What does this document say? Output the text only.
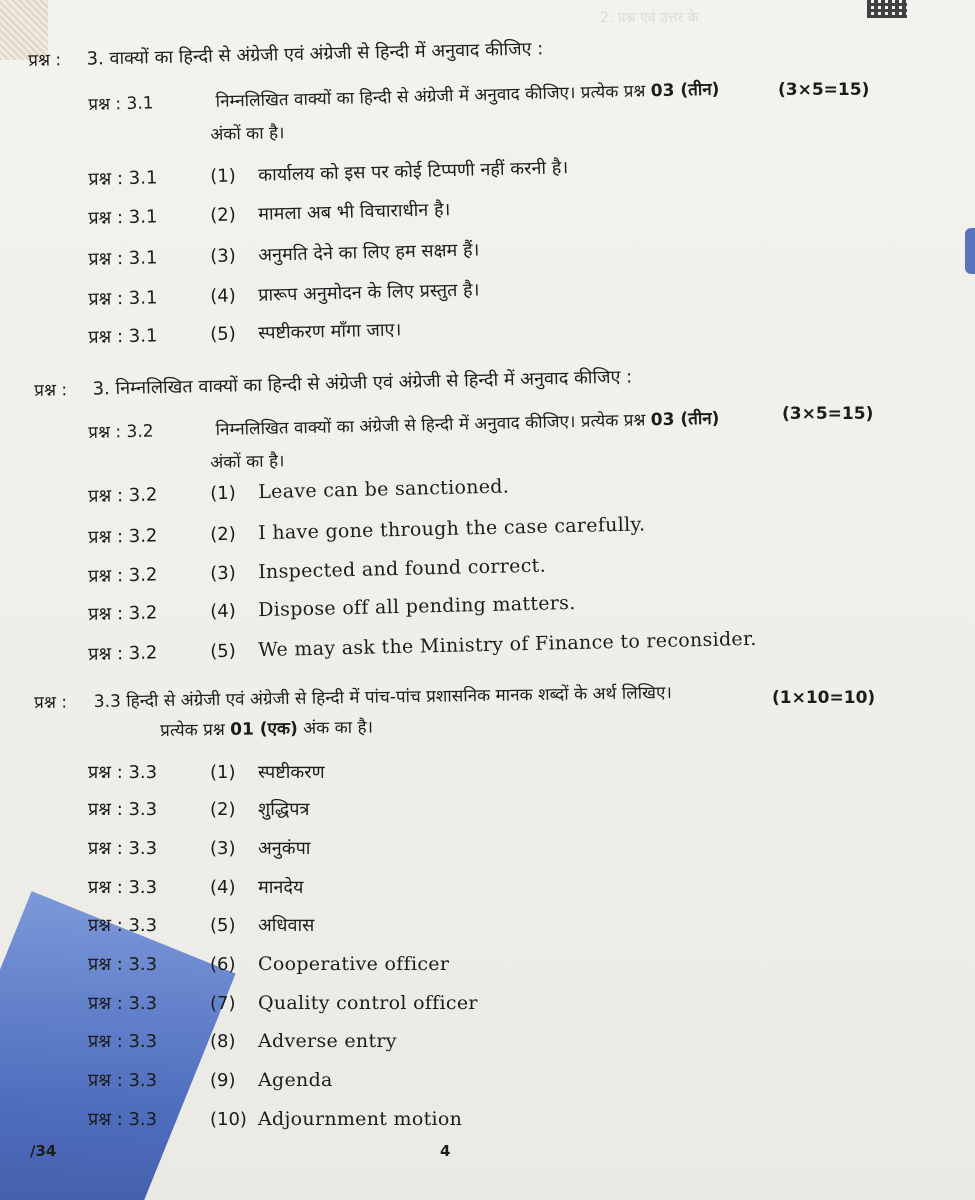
2. प्रश्न एवं उत्तर के
प्रश्न : 3. वाक्यों का हिन्दी से अंग्रेजी एवं अंग्रेजी से हिन्दी में अनुवाद कीजिए :
प्रश्न : 3.1	निम्नलिखित वाक्यों का हिन्दी से अंग्रेजी में अनुवाद कीजिए। प्रत्येक प्रश्न 03 (तीन)
अंकों का है।
(3×5=15)
प्रश्न : 3.1	(1) कार्यालय को इस पर कोई टिप्पणी नहीं करनी है।
प्रश्न : 3.1	(2) मामला अब भी विचाराधीन है।
प्रश्न : 3.1	(3) अनुमति देने का लिए हम सक्षम हैं।
प्रश्न : 3.1	(4) प्रारूप अनुमोदन के लिए प्रस्तुत है।
प्रश्न : 3.1	(5) स्पष्टीकरण माँगा जाए।
प्रश्न : 3. निम्नलिखित वाक्यों का हिन्दी से अंग्रेजी एवं अंग्रेजी से हिन्दी में अनुवाद कीजिए :
प्रश्न : 3.2	निम्नलिखित वाक्यों का अंग्रेजी से हिन्दी में अनुवाद कीजिए। प्रत्येक प्रश्न 03 (तीन)
अंकों का है।
(3×5=15)
प्रश्न : 3.2	(1) Leave can be sanctioned.
प्रश्न : 3.2	(2) I have gone through the case carefully.
प्रश्न : 3.2	(3) Inspected and found correct.
प्रश्न : 3.2	(4) Dispose off all pending matters.
प्रश्न : 3.2	(5) We may ask the Ministry of Finance to reconsider.
प्रश्न : 3.3 हिन्दी से अंग्रेजी एवं अंग्रेजी से हिन्दी में पांच-पांच प्रशासनिक मानक शब्दों के अर्थ लिखिए।
प्रत्येक प्रश्न 01 (एक) अंक का है।
(1×10=10)
प्रश्न : 3.3	(1) स्पष्टीकरण
प्रश्न : 3.3	(2) शुद्धिपत्र
प्रश्न : 3.3	(3) अनुकंपा
प्रश्न : 3.3	(4) मानदेय
प्रश्न : 3.3	(5) अधिवास
प्रश्न : 3.3	(6) Cooperative officer
प्रश्न : 3.3	(7) Quality control officer
प्रश्न : 3.3	(8) Adverse entry
प्रश्न : 3.3	(9) Agenda
प्रश्न : 3.3	(10) Adjournment motion
/34	4
